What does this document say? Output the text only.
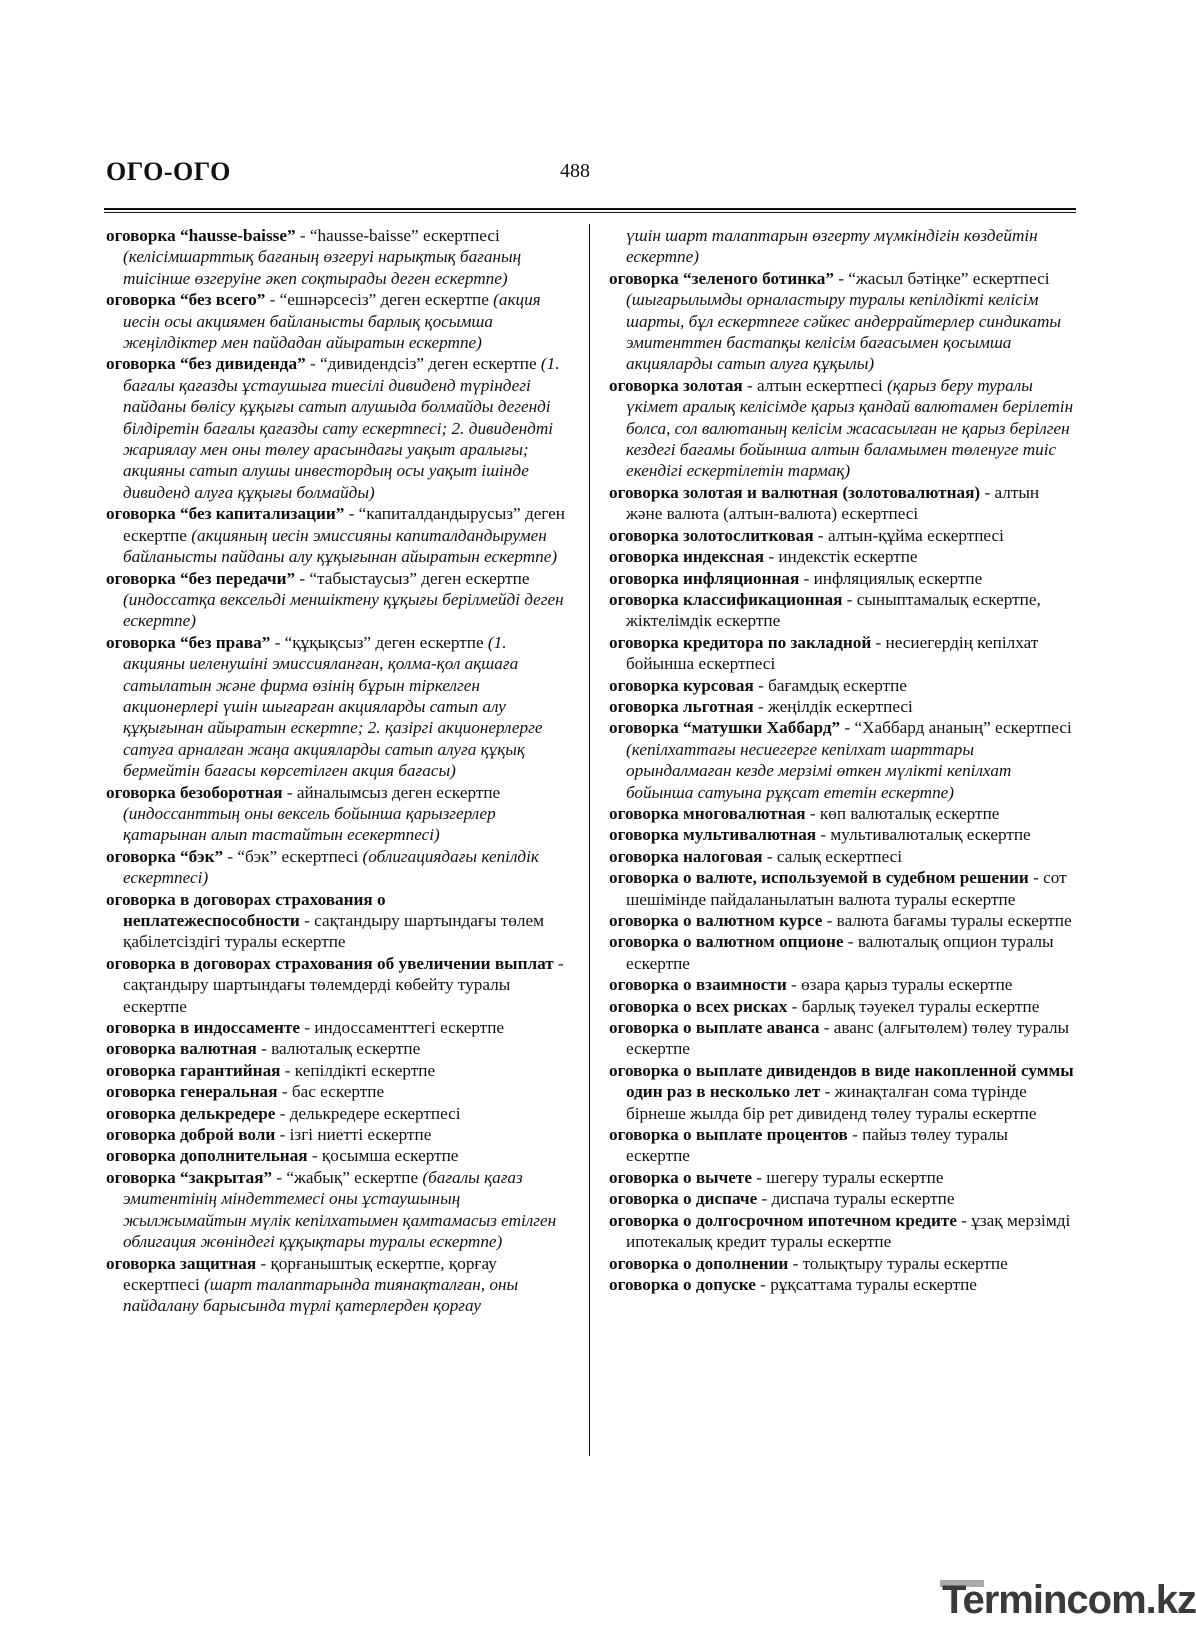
ОГО-ОГО	488

оговорка “hausse-baisse” - “hausse-baisse” ескертпесі (келісімшарттық бағаның өзгеруі нарықтық бағаның тиісінше өзгеруіне әкеп соқтырады деген ескертпе)

оговорка “без всего” - “ешнәрсесіз” деген ескертпе (акция иесін осы акциямен байланысты барлық қосымша жеңілдіктер мен пайдадан айыратын ескертпе)

оговорка “без дивиденда” - “дивидендсіз” деген ескертпе (1. бағалы қағазды ұстаушыға тиесілі дивиденд түріндегі пайданы бөлісу құқығы сатып алушыда болмайды дегенді білдіретін бағалы қағазды сату ескертпесі; 2. дивидендті жариялау мен оны төлеу арасындағы уақыт аралығы; акцияны сатып алушы инвестордың осы уақыт ішінде дивиденд алуға құқығы болмайды)

оговорка “без капитализации” - “капиталдандырусыз” деген ескертпе (акцияның иесін эмиссияны капиталдандырумен байланысты пайданы алу құқығынан айыратын ескертпе)

оговорка “без передачи” - “табыстаусыз” деген ескертпе (индоссатқа вексельді меншіктену құқығы берілмейді деген ескертпе)

оговорка “без права” - “құқықсыз” деген ескертпе (1. акцияны иеленушіні эмиссияланған, қолма-қол ақшаға сатылатын және фирма өзінің бұрын тіркелген акционерлері үшін шығарған акцияларды сатып алу құқығынан айыратын ескертпе; 2. қазіргі акционерлерге сатуға арналған жаңа акцияларды сатып алуға құқық бермейтін бағасы көрсетілген акция бағасы)

оговорка безоборотная - айналымсыз деген ескертпе (индоссанттың оны вексель бойынша қарызгерлер қатарынан алып тастайтын есекертпесі)

оговорка “бэк” - “бэк” ескертпесі (облигациядағы кепілдік ескертпесі)

оговорка в договорах страхования о неплатежеспособности - сақтандыру шартындағы төлем қабілетсіздігі туралы ескертпе

оговорка в договорах страхования об увеличении выплат - сақтандыру шартындағы төлемдерді көбейту туралы ескертпе

оговорка в индоссаменте - индоссаменттегі ескертпе

оговорка валютная - валюталық ескертпе

оговорка гарантийная - кепілдікті ескертпе

оговорка генеральная - бас ескертпе

оговорка делькредере - делькредере ескертпесі

оговорка доброй воли - ізгі ниетті ескертпе

оговорка дополнительная - қосымша ескертпе

оговорка “закрытая” - “жабық” ескертпе (бағалы қағаз эмитентінің міндеттемесі оны ұстаушының жылжымайтын мүлік кепілхатымен қамтамасыз етілген облигация жөніндегі құқықтары туралы ескертпе)

оговорка защитная - қорғаныштық ескертпе, қорғау ескертпесі (шарт талаптарында тиянақталған, оны пайдалану барысында түрлі қатерлерден қорғау

үшін шарт талаптарын өзгерту мүмкіндігін көздейтін ескертпе)

оговорка “зеленого ботинка” - “жасыл бәтіңке” ескертпесі (шығарылымды орналастыру туралы кепілдікті келісім шарты, бұл ескертпеге сәйкес андеррайтерлер синдикаты эмитенттен бастапқы келісім бағасымен қосымша акцияларды сатып алуға құқылы)

оговорка золотая - алтын ескертпесі (қарыз беру туралы үкімет аралық келісімде қарыз қандай валютамен берілетін болса, сол валютаның келісім жасасылған не қарыз берілген кездегі бағамы бойынша алтын баламымен төленуге тиіс екендігі ескертілетін тармақ)

оговорка золотая и валютная (золотовалютная) - алтын және валюта (алтын-валюта) ескертпесі

оговорка золотослитковая - алтын-құйма ескертпесі

оговорка индексная - индекстік ескертпе

оговорка инфляционная - инфляциялық ескертпе

оговорка классификационная - сыныптамалық ескертпе, жіктелімдік ескертпе

оговорка кредитора по закладной - несиегердің кепілхат бойынша ескертпесі

оговорка курсовая - бағамдық ескертпе

оговорка льготная - жеңілдік ескертпесі

оговорка “матушки Хаббард” - “Хаббард ананың” ескертпесі (кепілхаттағы несиегерге кепілхат шарттары орындалмаған кезде мерзімі өткен мүлікті кепілхат бойынша сатуына рұқсат ететін ескертпе)

оговорка многовалютная - көп валюталық ескертпе

оговорка мультивалютная - мультивалюталық ескертпе

оговорка налоговая - салық ескертпесі

оговорка о валюте, используемой в судебном решении - сот шешімінде пайдаланылатын валюта туралы ескертпе

оговорка о валютном курсе - валюта бағамы туралы ескертпе

оговорка о валютном опционе - валюталық опцион туралы ескертпе

оговорка о взаимности - өзара қарыз туралы ескертпе

оговорка о всех рисках - барлық тәуекел туралы ескертпе

оговорка о выплате аванса - аванс (алғытөлем) төлеу туралы ескертпе

оговорка о выплате дивидендов в виде накопленной суммы один раз в несколько лет - жинақталған сома түрінде бірнеше жылда бір рет дивиденд төлеу туралы ескертпе

оговорка о выплате процентов - пайыз төлеу туралы ескертпе

оговорка о вычете - шегеру туралы ескертпе

оговорка о диспаче - диспача туралы ескертпе

оговорка о долгосрочном ипотечном кредите - ұзақ мерзімді ипотекалық кредит туралы ескертпе

оговорка о дополнении - толықтыру туралы ескертпе

оговорка о допуске - рұқсаттама туралы ескертпе

Termincom.kz
